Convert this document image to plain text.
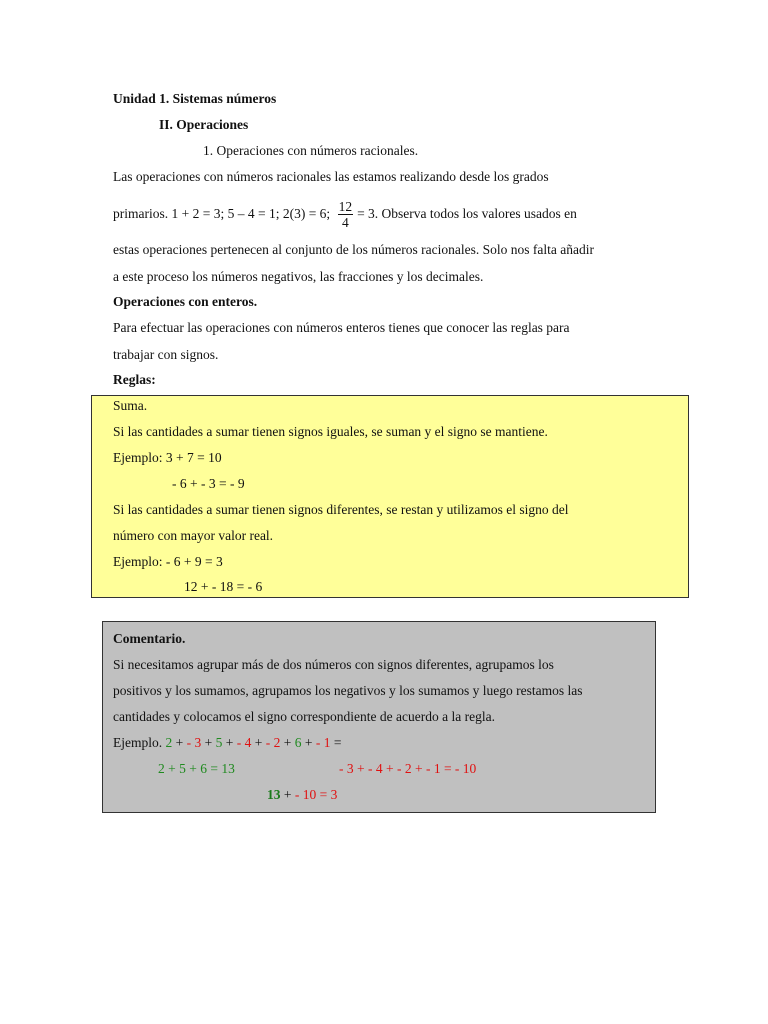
Unidad 1. Sistemas números
II. Operaciones
1. Operaciones con números racionales.
Las operaciones con números racionales las estamos realizando desde los grados
primarios. 1 + 2 = 3; 5 – 4 = 1; 2(3) = 6; $\frac{12}{4} = 3$. Observa todos los valores usados en
estas operaciones pertenecen al conjunto de los números racionales. Solo nos falta añadir
a este proceso los números negativos, las fracciones y los decimales.
Operaciones con enteros.
Para efectuar las operaciones con números enteros tienes que conocer las reglas para
trabajar con signos.
Reglas:
Suma.
Si las cantidades a sumar tienen signos iguales, se suman y el signo se mantiene.
Ejemplo: 3 + 7 = 10
- 6 + - 3 = - 9
Si las cantidades a sumar tienen signos diferentes, se restan y utilizamos el signo del
número con mayor valor real.
Ejemplo: - 6 + 9 = 3
12 + - 18 = - 6
Comentario.
Si necesitamos agrupar más de dos números con signos diferentes, agrupamos los
positivos y los sumamos, agrupamos los negativos y los sumamos y luego restamos las
cantidades y colocamos el signo correspondiente de acuerdo a la regla.
Ejemplo. 2 + - 3 + 5 + - 4 + - 2 + 6 + - 1 =
2 + 5 + 6 = 13	- 3 + - 4 + - 2 + - 1 = - 10
13 + - 10 = 3
